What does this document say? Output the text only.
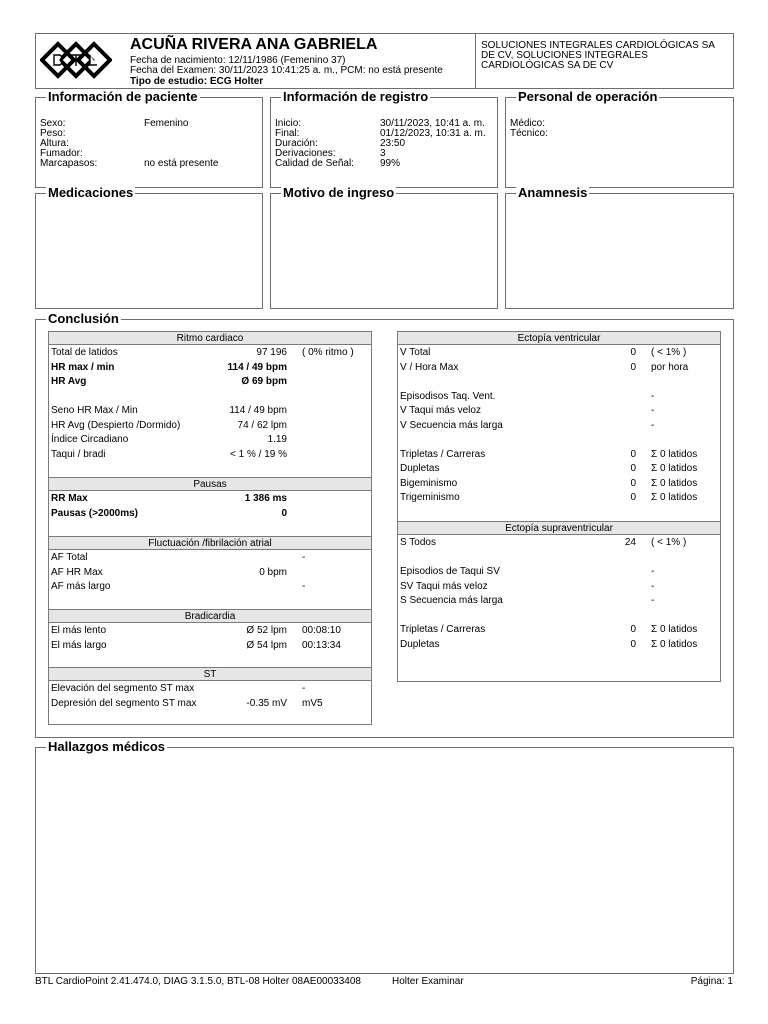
ACUÑA RIVERA ANA GABRIELA
Fecha de nacimiento: 12/11/1986 (Femenino 37)
Fecha del Examen: 30/11/2023 10:41:25 a. m., PCM: no está presente
Tipo de estudio: ECG Holter
SOLUCIONES INTEGRALES CARDIOLÓGICAS SA DE CV, SOLUCIONES INTEGRALES CARDIOLÓGICAS SA DE CV
Información de paciente
Sexo:	Femenino
Peso:
Altura:
Fumador:
Marcapasos:	no está presente
Información de registro
Inicio:	30/11/2023, 10:41 a. m.
Final:	01/12/2023, 10:31 a. m.
Duración:	23:50
Derivaciones:	3
Calidad de Señal:	99%
Personal de operación
Médico:
Técnico:
Medicaciones	Motivo de ingreso	Anamnesis
Conclusión
Ritmo cardiaco
Total de latidos	97 196 ( 0% ritmo )
HR max / min	114 / 49 bpm
HR Avg	Ø 69 bpm
Seno HR Max / Min	114 / 49 bpm
HR Avg (Despierto /Dormido)	74 / 62 lpm
Índice Circadiano	1.19
Taqui / bradi	< 1 % / 19 %
Pausas
RR Max	1 386 ms
Pausas (>2000ms)	0
Fluctuación /fibrilación atrial
AF Total	-
AF HR Max	0 bpm
AF más largo	-
Bradicardia
El más lento	Ø 52 lpm 00:08:10
El más largo	Ø 54 lpm 00:13:34
ST
Elevación del segmento ST max	-
Depresión del segmento ST max	-0.35 mV mV5
Ectopía ventricular
V Total	0 ( < 1% )
V / Hora Max	0 por hora
Episodisos Taq. Vent.	-
V Taqui más veloz	-
V Secuencia más larga	-
Tripletas / Carreras	0 Σ 0 latidos
Dupletas	0 Σ 0 latidos
Bigeminismo	0 Σ 0 latidos
Trigeminismo	0 Σ 0 latidos
Ectopía supraventricular
S Todos	24 ( < 1% )
Episodios de Taqui SV	-
SV Taqui más veloz	-
S Secuencia más larga	-
Tripletas / Carreras	0 Σ 0 latidos
Dupletas	0 Σ 0 latidos
Hallazgos médicos
BTL CardioPoint 2.41.474.0, DIAG 3.1.5.0, BTL-08 Holter 08AE00033408	Holter Examinar	Página: 1
